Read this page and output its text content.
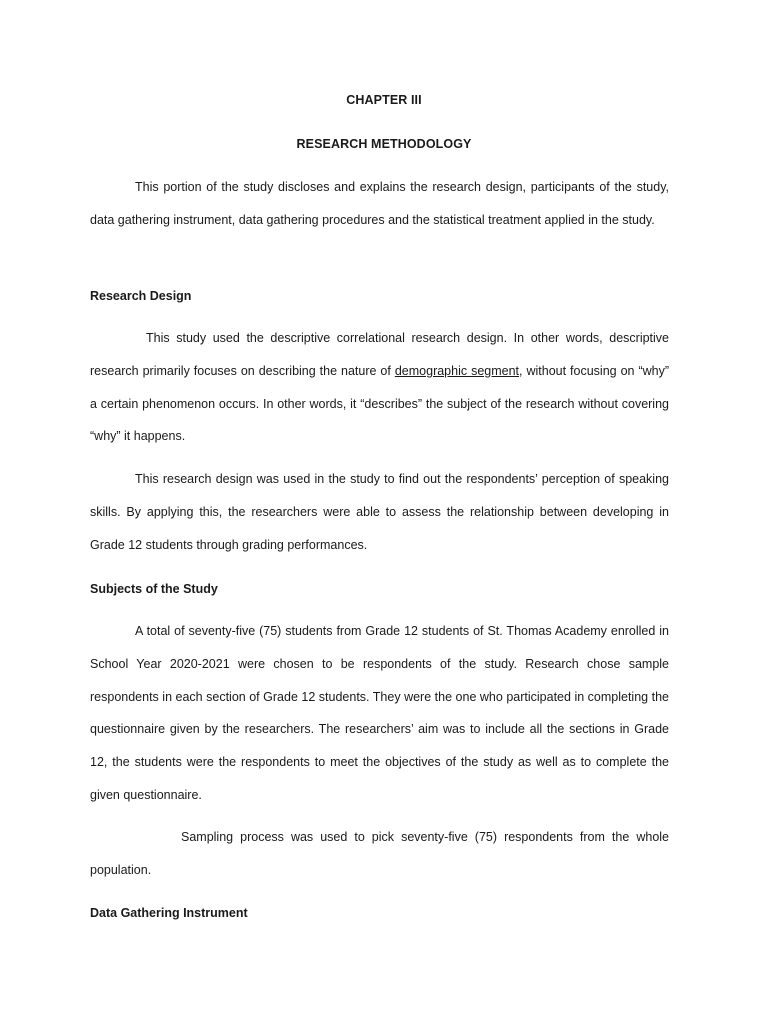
CHAPTER III
RESEARCH METHODOLOGY

This portion of the study discloses and explains the research design, participants of the study, data gathering instrument, data gathering procedures and the statistical treatment applied in the study.

Research Design

This study used the descriptive correlational research design. In other words, descriptive research primarily focuses on describing the nature of demographic segment, without focusing on “why” a certain phenomenon occurs. In other words, it “describes” the subject of the research without covering “why” it happens.

This research design was used in the study to find out the respondents’ perception of speaking skills. By applying this, the researchers were able to assess the relationship between developing in Grade 12 students through grading performances.

Subjects of the Study

A total of seventy-five (75) students from Grade 12 students of St. Thomas Academy enrolled in School Year 2020-2021 were chosen to be respondents of the study. Research chose sample respondents in each section of Grade 12 students. They were the one who participated in completing the questionnaire given by the researchers. The researchers’ aim was to include all the sections in Grade 12, the students were the respondents to meet the objectives of the study as well as to complete the given questionnaire.

Sampling process was used to pick seventy-five (75) respondents from the whole population.

Data Gathering Instrument
